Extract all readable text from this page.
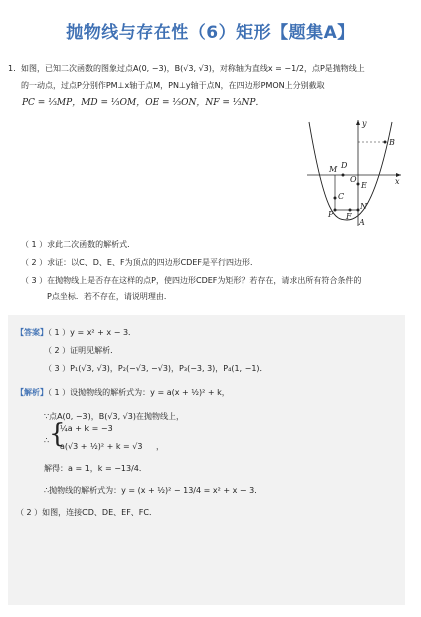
抛物线与存在性（6）矩形【题集A】
1. 如图，已知二次函数的图象过点A(0, −3)，B(√3, √3)，对称轴为直线x = −1/2，点P是抛物线上
的一动点，过点P分别作PM⊥x轴于点M，PN⊥y轴于点N，在四边形PMON上分别截取
PC = ⅓MP，MD = ⅓OM，OE = ⅓ON，NF = ⅓NP．
y
x
B
M D
O
E
C
N
P F
A
（ 1 ）求此二次函数的解析式．
（ 2 ）求证：以C、D、E、F为顶点的四边形CDEF是平行四边形．
（ 3 ）在抛物线上是否存在这样的点P，使四边形CDEF为矩形？若存在，请求出所有符合条件的
P点坐标．若不存在，请说明理由．
【答案】（ 1 ）y = x² + x − 3．
（ 2 ）证明见解析．
（ 3 ）P₁(√3, √3)，P₂(−√3, −√3)，P₃(−3, 3)，P₄(1, −1)．
【解析】（ 1 ）设抛物线的解析式为：y = a(x + ½)² + k，
∵点A(0, −3)，B(√3, √3)在抛物线上，
∴ {
¼a + k = −3
a(√3 + ½)² + k = √3 ，
解得：a = 1，k = −13/4．
∴抛物线的解析式为：y = (x + ½)² − 13/4 = x² + x − 3．
（ 2 ）如图，连接CD、DE、EF、FC．
